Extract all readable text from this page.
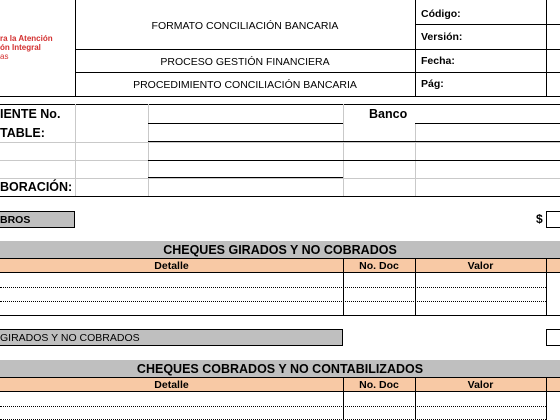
ra la Atención
ón Integral
as
FORMATO CONCILIACIÓN BANCARIA
PROCESO GESTIÓN FINANCIERA
PROCEDIMIENTO CONCILIACIÓN BANCARIA
Código:
Versión:
Fecha:
Pág:
IENTE No.	Banco
TABLE:
BORACIÓN:
BROS	$
CHEQUES GIRADOS Y NO COBRADOS
Detalle	No. Doc	Valor
GIRADOS Y NO COBRADOS
CHEQUES COBRADOS Y NO CONTABILIZADOS
Detalle	No. Doc	Valor
